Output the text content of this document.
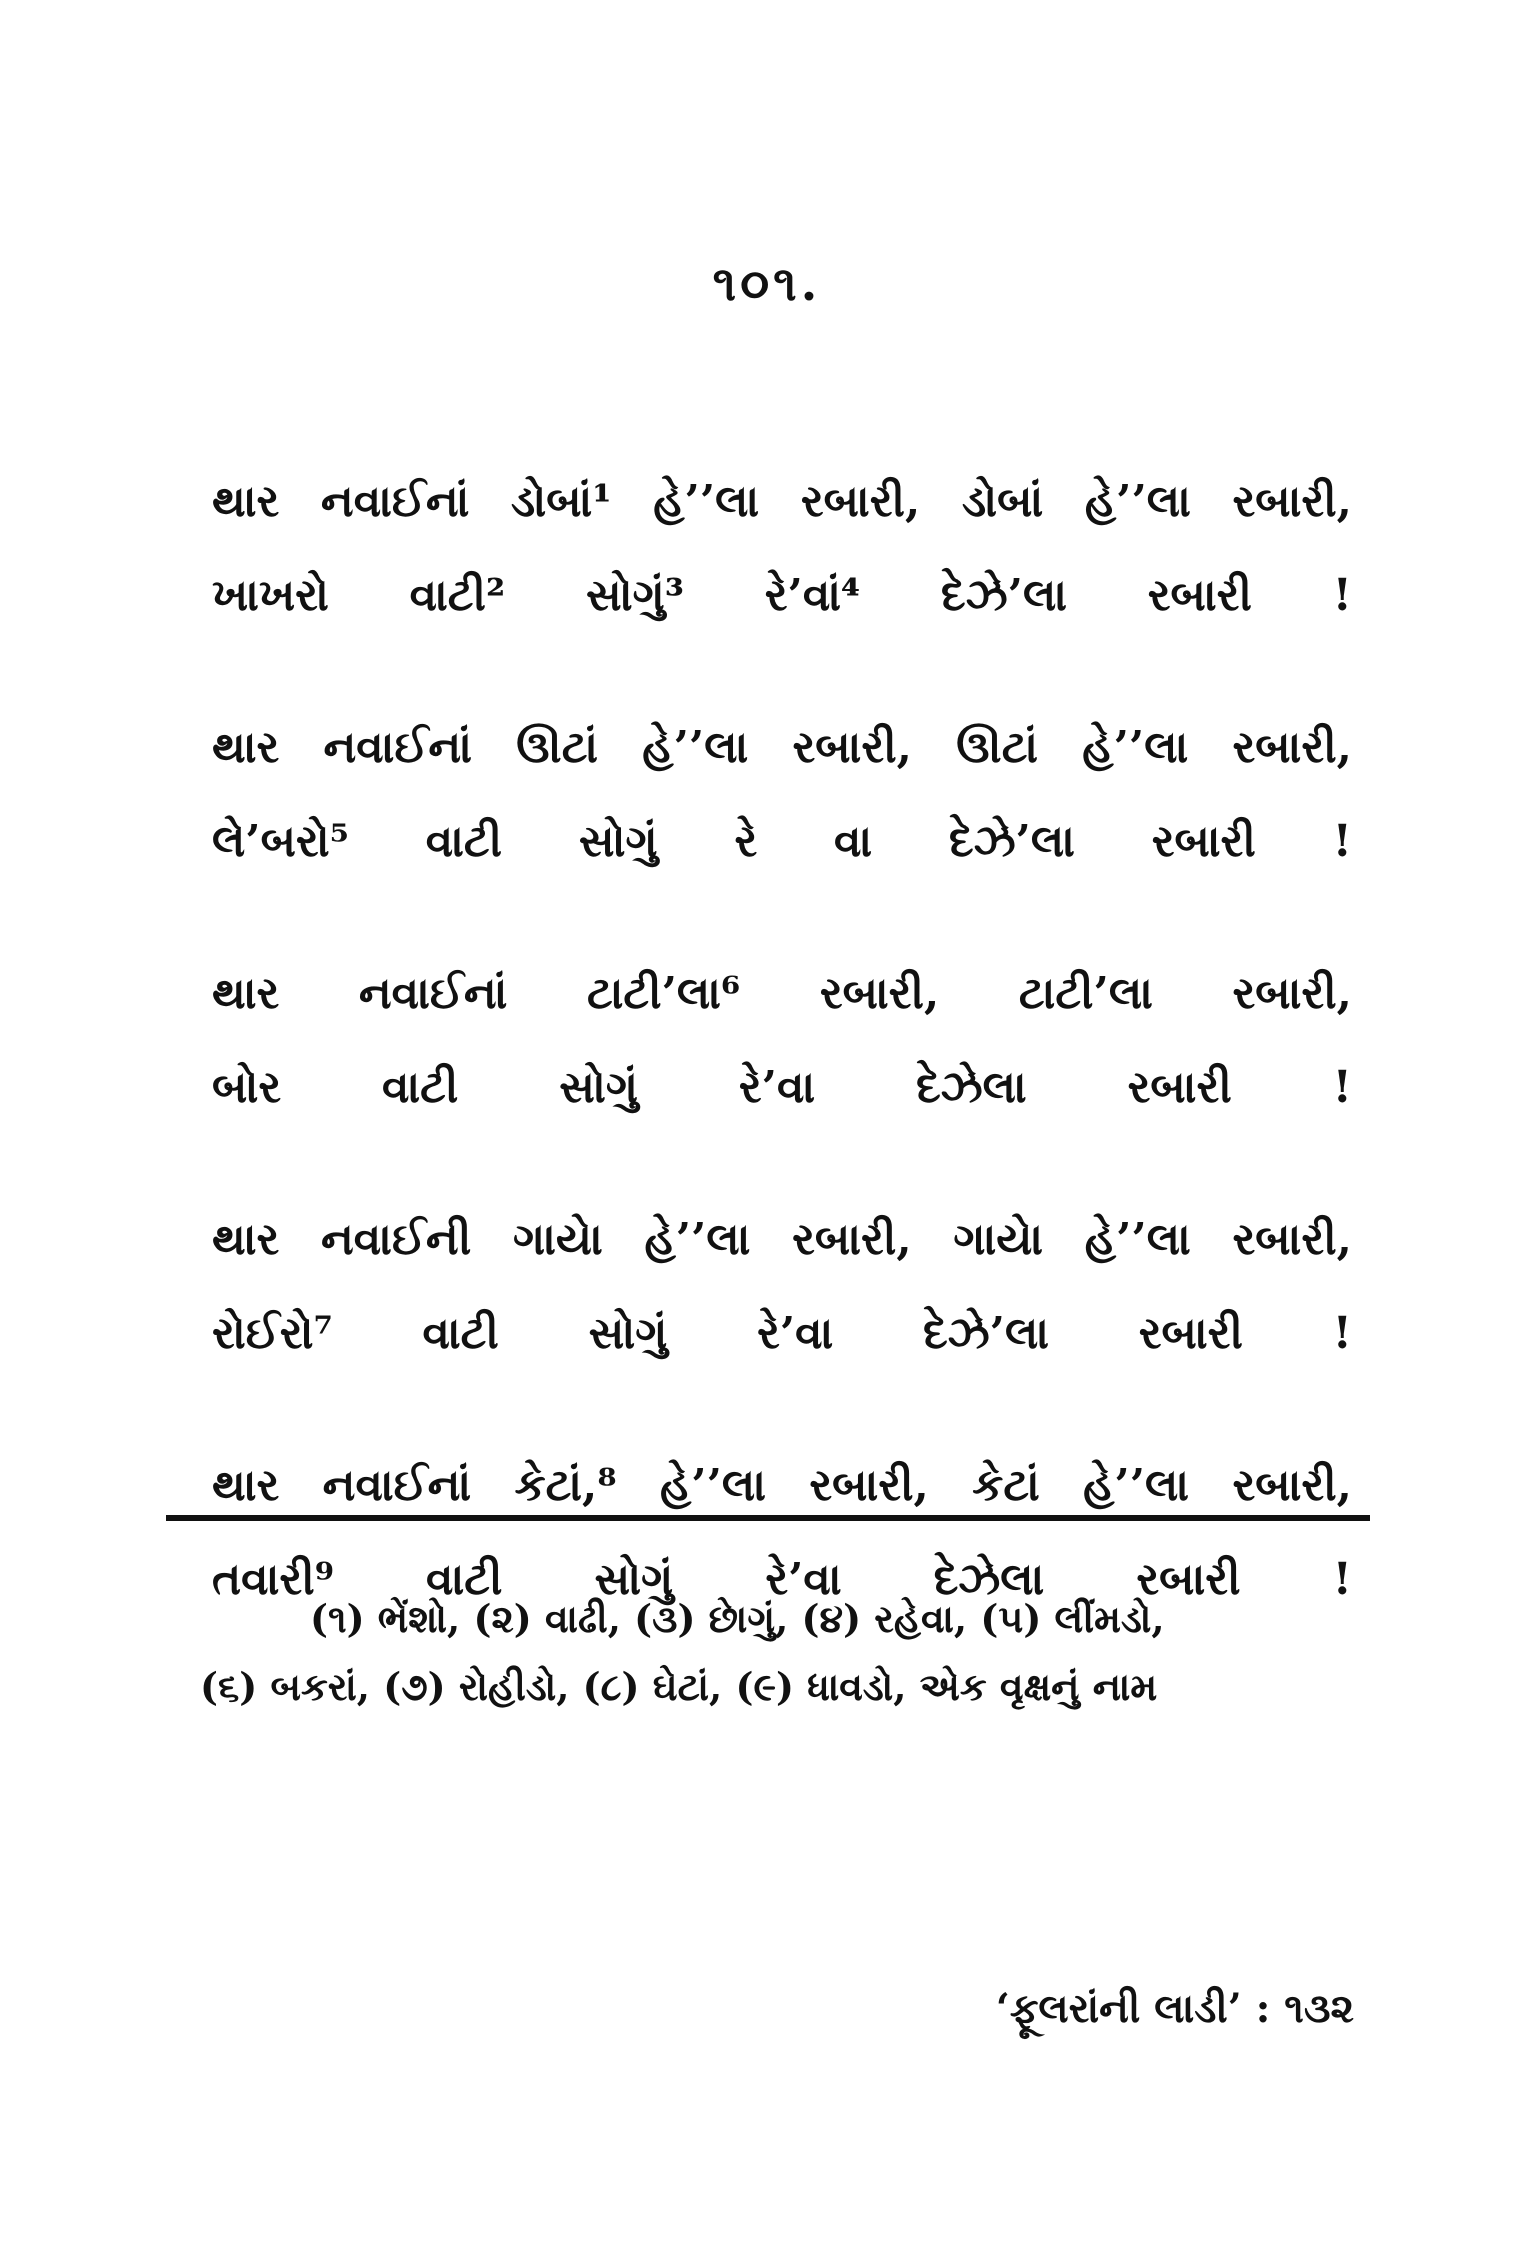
૧૦૧.
થાર નવાઈનાં ડોબાં¹ હે’’લા રબારી, ડોબાં હે’’લા રબારી,
ખાખરો વાટી² સોગું³ રે’વાં⁴ દેઝે’લા રબારી !
થાર નવાઈનાં ઊટાં હે’’લા રબારી, ઊટાં હે’’લા રબારી,
લે’બરો⁵ વાટી સોગું રે વા દેઝે’લા રબારી !
થાર નવાઈનાં ટાટી’લા⁶ રબારી, ટાટી’લા રબારી,
બોર વાટી સોગું રે’વા દેઝેલા રબારી !
થાર નવાઈની ગાયેા હે’’લા રબારી, ગાયેા હે’’લા રબારી,
રોઈરો⁷ વાટી સોગું રે’વા દેઝે’લા રબારી !
થાર નવાઈનાં કેટાં,⁸ હે’’લા રબારી, કેટાં હે’’લા રબારી,
તવારી⁹ વાટી સોગું રે’વા દેઝેલા રબારી !
(૧) ભેંશો, (૨) વાઢી, (૩) છેાગું, (૪) રહેવા, (૫) લીંમડો,
(૬) બકરાં, (૭) રોહીડો, (૮) ઘેટાં, (૯) ધાવડો, એક વૃક્ષનું નામ
‘ફૂલરાંની લાડી’ : ૧૩૨
